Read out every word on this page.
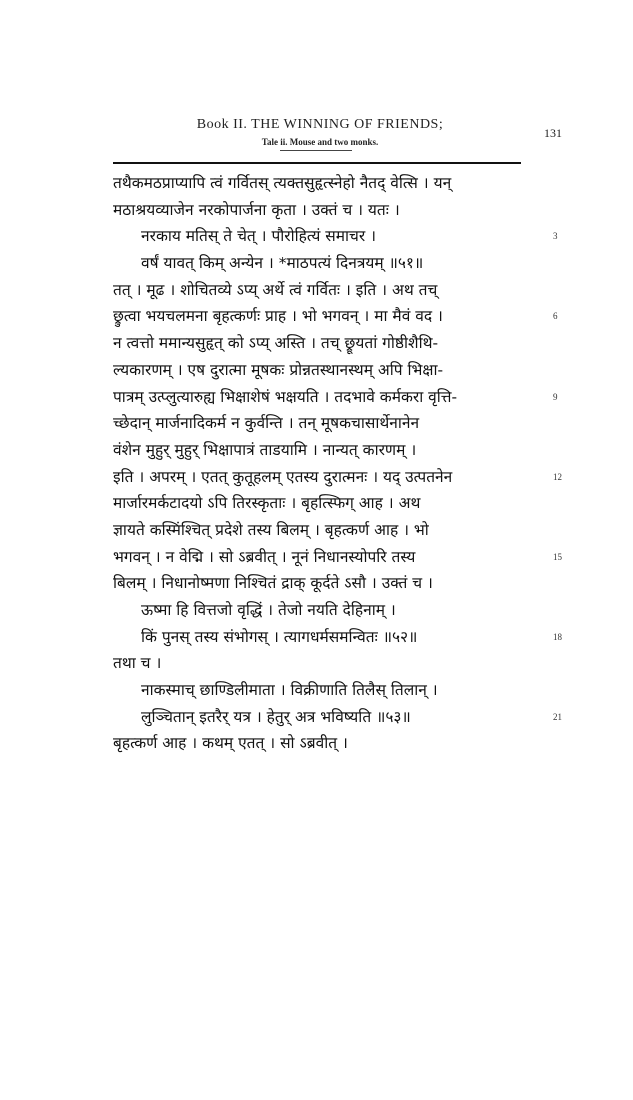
Book II. THE WINNING OF FRIENDS;
131
Tale ii. Mouse and two monks.
तथैकमठप्राप्यापि त्वं गर्वितस् त्यक्तसुहृत्स्नेहो नैतद् वेत्सि । यन्
मठाश्रयव्याजेन नरकोपार्जना कृता । उक्तं च । यतः ।
नरकाय मतिस् ते चेत् । पौरोहित्यं समाचर ।	3
वर्षं यावत् किम् अन्येन । *माठपत्यं दिनत्रयम् ॥५१॥
तत् । मूढ । शोचितव्ये ऽप्य् अर्थे त्वं गर्वितः । इति । अथ तच्
छ्रुत्वा भयचलमना बृहत्कर्णः प्राह । भो भगवन् । मा मैवं वद ।	6
न त्वत्तो ममान्यसुहृत् को ऽप्य् अस्ति । तच् छ्रूयतां गोष्ठीशैथि-
ल्यकारणम् । एष दुरात्मा मूषकः प्रोन्नतस्थानस्थम् अपि भिक्षा-
पात्रम् उत्प्लुत्यारुह्य भिक्षाशेषं भक्षयति । तदभावे कर्मकरा वृत्ति-	9
च्छेदान् मार्जनादिकर्म न कुर्वन्ति । तन् मूषकचासार्थेनानेन
वंशेन मुहुर् मुहुर् भिक्षापात्रं ताडयामि । नान्यत् कारणम् ।
इति । अपरम् । एतत् कुतूहलम् एतस्य दुरात्मनः । यद् उत्पतनेन	12
मार्जारमर्कटादयो ऽपि तिरस्कृताः । बृहत्स्फिग् आह । अथ
ज्ञायते कस्मिंश्चित् प्रदेशे तस्य बिलम् । बृहत्कर्ण आह । भो
भगवन् । न वेद्मि । सो ऽब्रवीत् । नूनं निधानस्योपरि तस्य	15
बिलम् । निधानोष्मणा निश्चितं द्राक् कूर्दते ऽसौ । उक्तं च ।
ऊष्मा हि वित्तजो वृद्धिं । तेजो नयति देहिनाम् ।
किं पुनस् तस्य संभोगस् । त्यागधर्मसमन्वितः ॥५२॥	18
तथा च ।
नाकस्माच् छाण्डिलीमाता । विक्रीणाति तिलैस् तिलान् ।
लुञ्चितान् इतरैर् यत्र । हेतुर् अत्र भविष्यति ॥५३॥	21
बृहत्कर्ण आह । कथम् एतत् । सो ऽब्रवीत् ।
